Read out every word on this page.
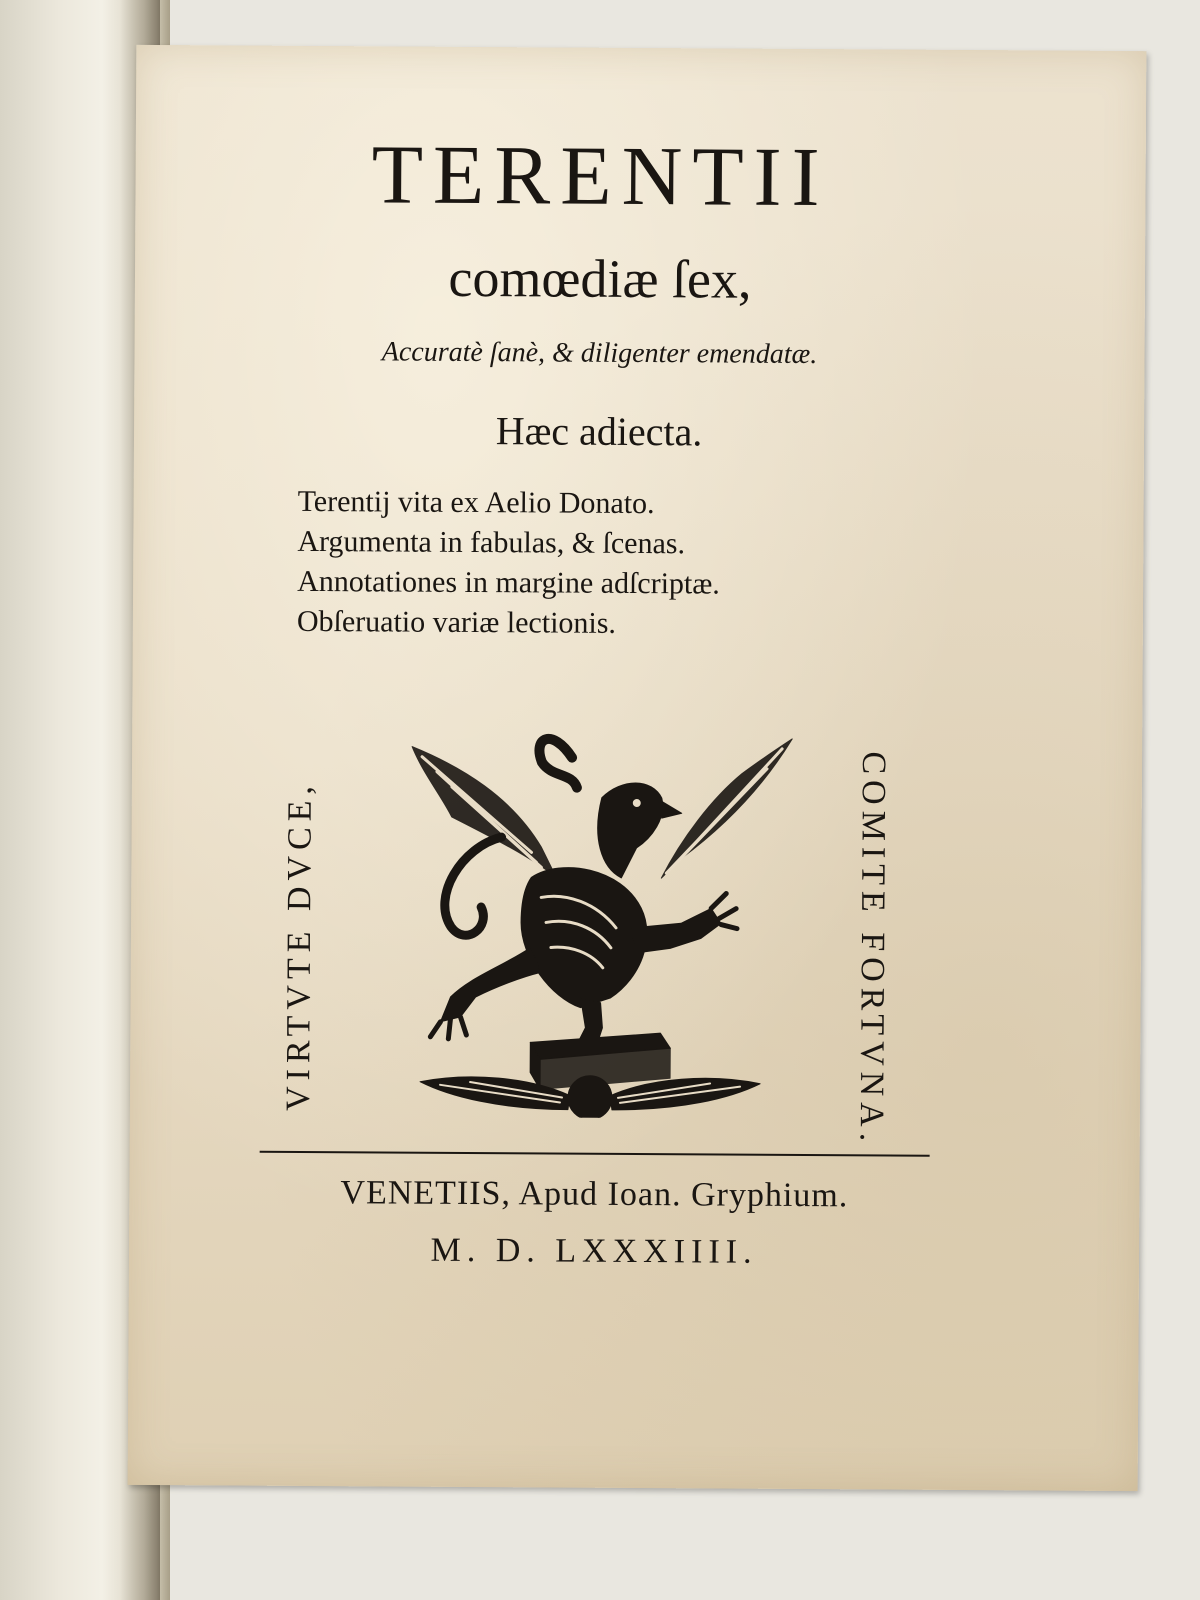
TERENTII
comœdiæ ſex,
Accuratè ſanè, & diligenter emendatæ.
Hæc adiecta.
Terentij vita ex Aelio Donato.
Argumenta in fabulas, & ſcenas.
Annotationes in margine adſcriptæ.
Obſeruatio variæ lectionis.
VIRTVTE DVCE,	COMITE FORTVNA.
VENETIIS, Apud Ioan. Gryphium.
M. D. LXXXIIII.
